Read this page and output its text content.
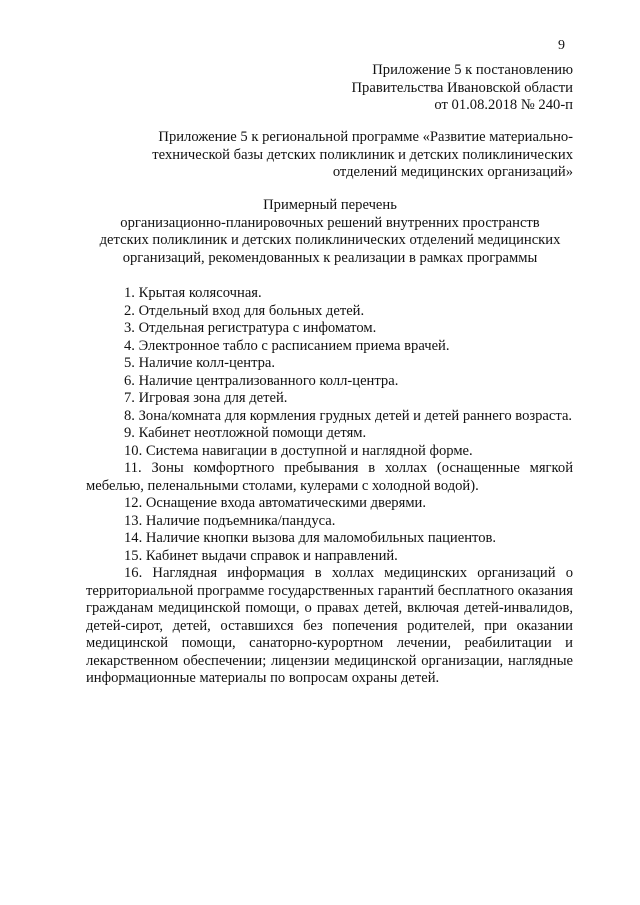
9
Приложение 5 к постановлению
Правительства Ивановской области
от 01.08.2018 № 240-п
Приложение 5 к региональной программе «Развитие материально-
технической базы детских поликлиник и детских поликлинических
отделений медицинских организаций»
Примерный перечень
организационно-планировочных решений внутренних пространств
детских поликлиник и детских поликлинических отделений медицинских
организаций, рекомендованных к реализации в рамках программы

1. Крытая колясочная.

2. Отдельный вход для больных детей.

3. Отдельная регистратура с инфоматом.

4. Электронное табло с расписанием приема врачей.

5. Наличие колл-центра.

6. Наличие централизованного колл-центра.

7. Игровая зона для детей.

8. Зона/комната для кормления грудных детей и детей раннего возраста.

9. Кабинет неотложной помощи детям.

10. Система навигации в доступной и наглядной форме.

11. Зоны комфортного пребывания в холлах (оснащенные мягкой мебелью, пеленальными столами, кулерами с холодной водой).

12. Оснащение входа автоматическими дверями.

13. Наличие подъемника/пандуса.

14. Наличие кнопки вызова для маломобильных пациентов.

15. Кабинет выдачи справок и направлений.

16. Наглядная информация в холлах медицинских организаций о территориальной программе государственных гарантий бесплатного оказания гражданам медицинской помощи, о правах детей, включая детей-инвалидов, детей-сирот, детей, оставшихся без попечения родителей, при оказании медицинской помощи, санаторно-курортном лечении, реабилитации и лекарственном обеспечении; лицензии медицинской организации, наглядные информационные материалы по вопросам охраны детей.
